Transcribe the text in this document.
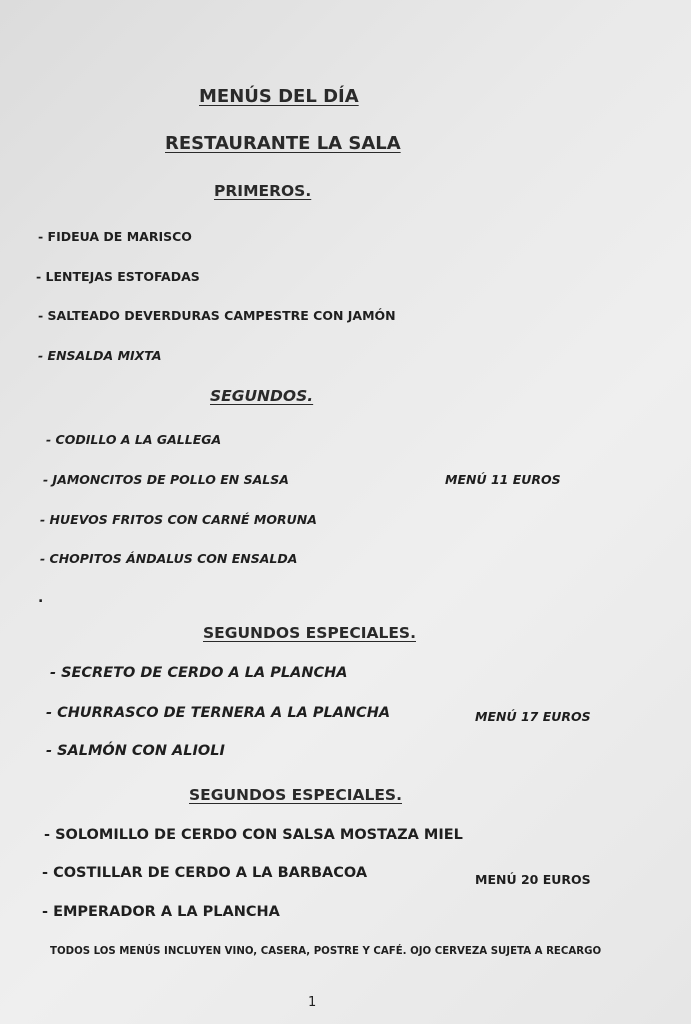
MENÚS DEL DÍA
RESTAURANTE LA SALA
PRIMEROS.
- FIDEUA DE MARISCO
- LENTEJAS ESTOFADAS
- SALTEADO DEVERDURAS CAMPESTRE CON JAMÓN
- ENSALDA MIXTA
SEGUNDOS.
- CODILLO A LA GALLEGA
- JAMONCITOS DE POLLO EN SALSA
- HUEVOS FRITOS CON CARNÉ MORUNA
- CHOPITOS ÁNDALUS CON ENSALDA
MENÚ 11 EUROS
.
SEGUNDOS ESPECIALES.
- SECRETO DE CERDO A LA PLANCHA
- CHURRASCO DE TERNERA A LA PLANCHA
- SALMÓN CON ALIOLI
MENÚ 17 EUROS
SEGUNDOS ESPECIALES.
- SOLOMILLO DE CERDO CON SALSA MOSTAZA MIEL
- COSTILLAR DE CERDO A LA BARBACOA
- EMPERADOR A LA PLANCHA
MENÚ 20 EUROS
TODOS LOS MENÚS INCLUYEN VINO, CASERA, POSTRE Y CAFÉ. OJO CERVEZA SUJETA A RECARGO
1
